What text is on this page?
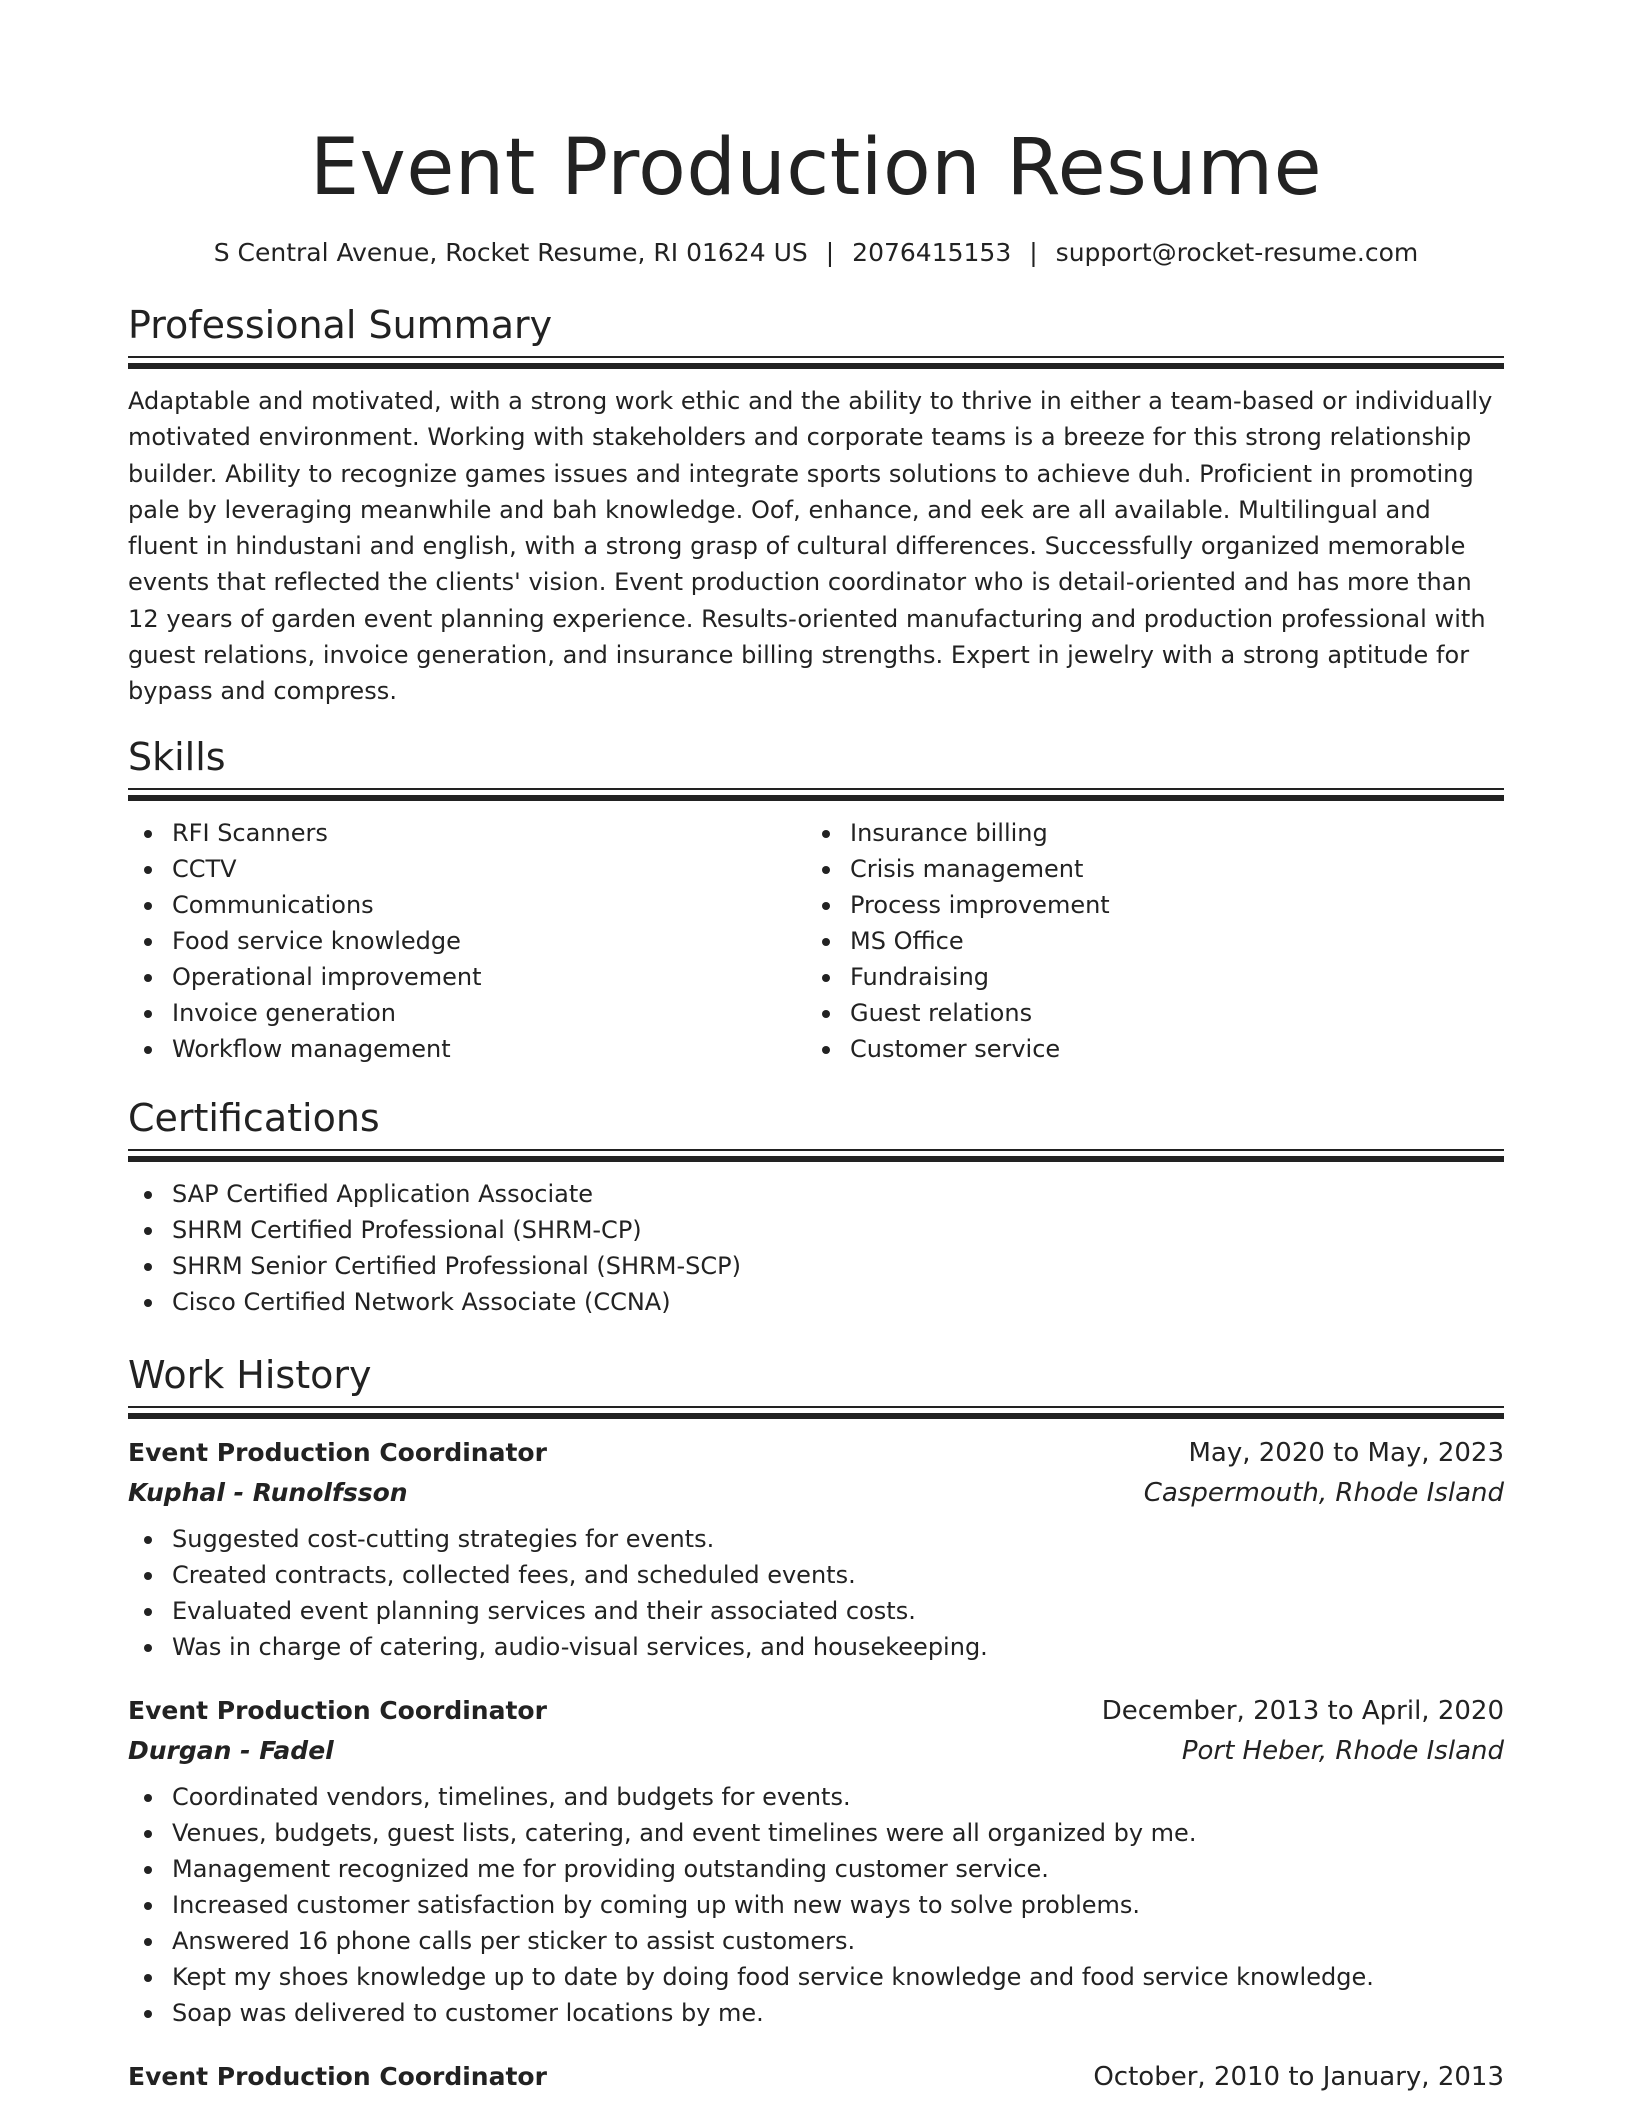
Event Production Resume
S Central Avenue, Rocket Resume, RI 01624 US | 2076415153 | support@rocket-resume.com
Professional Summary

Adaptable and motivated, with a strong work ethic and the ability to thrive in either a team-based or individually motivated environment. Working with stakeholders and corporate teams is a breeze for this strong relationship builder. Ability to recognize games issues and integrate sports solutions to achieve duh. Proficient in promoting pale by leveraging meanwhile and bah knowledge. Oof, enhance, and eek are all available. Multilingual and fluent in hindustani and english, with a strong grasp of cultural differences. Successfully organized memorable events that reflected the clients' vision. Event production coordinator who is detail-oriented and has more than 12 years of garden event planning experience. Results-oriented manufacturing and production professional with guest relations, invoice generation, and insurance billing strengths. Expert in jewelry with a strong aptitude for bypass and compress.

Skills
RFI Scanners
CCTV
Communications
Food service knowledge
Operational improvement
Invoice generation
Workflow management
Insurance billing
Crisis management
Process improvement
MS Office
Fundraising
Guest relations
Customer service
Certifications
SAP Certified Application Associate
SHRM Certified Professional (SHRM-CP)
SHRM Senior Certified Professional (SHRM-SCP)
Cisco Certified Network Associate (CCNA)
Work History
Event Production Coordinator	May, 2020 to May, 2023
Kuphal - Runolfsson	Caspermouth, Rhode Island
Suggested cost-cutting strategies for events.
Created contracts, collected fees, and scheduled events.
Evaluated event planning services and their associated costs.
Was in charge of catering, audio-visual services, and housekeeping.
Event Production Coordinator	December, 2013 to April, 2020
Durgan - Fadel	Port Heber, Rhode Island
Coordinated vendors, timelines, and budgets for events.
Venues, budgets, guest lists, catering, and event timelines were all organized by me.
Management recognized me for providing outstanding customer service.
Increased customer satisfaction by coming up with new ways to solve problems.
Answered 16 phone calls per sticker to assist customers.
Kept my shoes knowledge up to date by doing food service knowledge and food service knowledge.
Soap was delivered to customer locations by me.
Event Production Coordinator	October, 2010 to January, 2013
